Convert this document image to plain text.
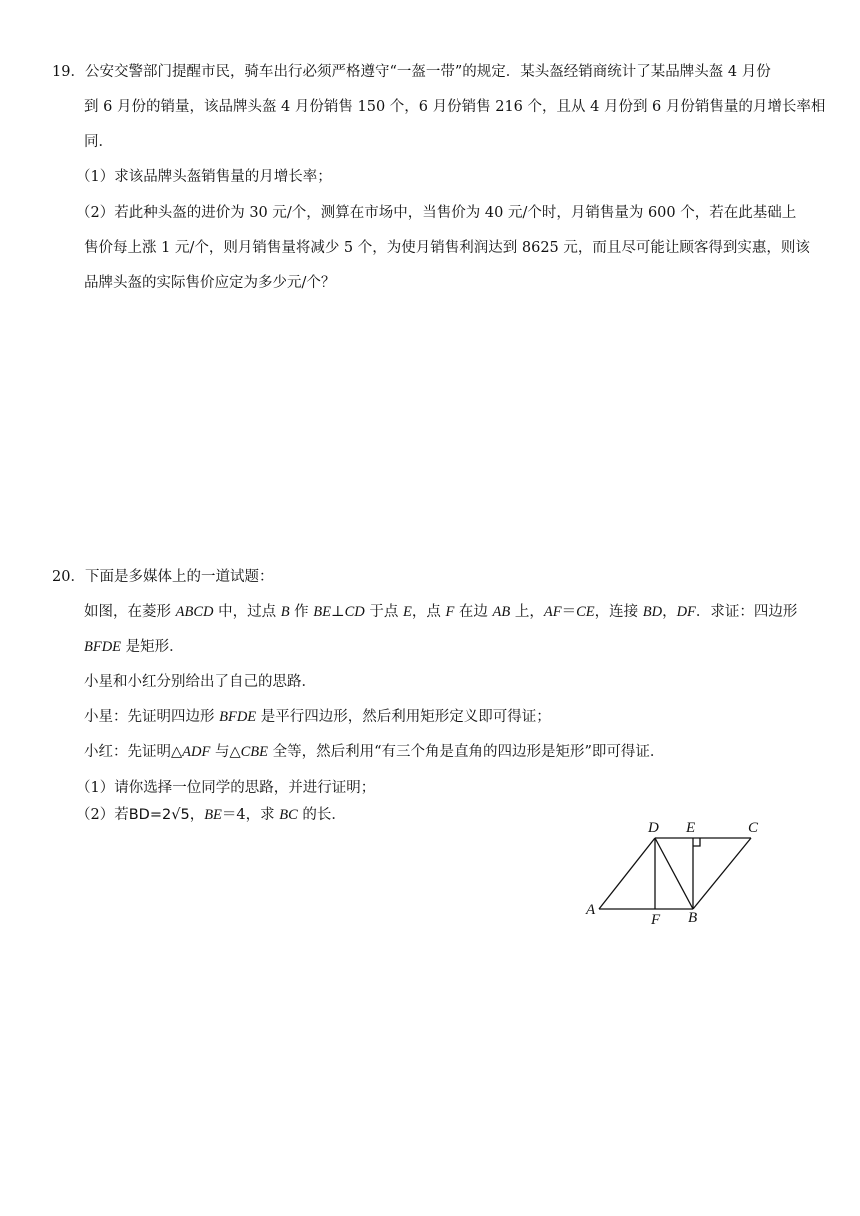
19．公安交警部门提醒市民，骑车出行必须严格遵守“一盔一带”的规定．某头盔经销商统计了某品牌头盔 4 月份
到 6 月份的销量，该品牌头盔 4 月份销售 150 个，6 月份销售 216 个，且从 4 月份到 6 月份销售量的月增长率相
同．
（1）求该品牌头盔销售量的月增长率；
（2）若此种头盔的进价为 30 元/个，测算在市场中，当售价为 40 元/个时，月销售量为 600 个，若在此基础上
售价每上涨 1 元/个，则月销售量将减少 5 个，为使月销售利润达到 8625 元，而且尽可能让顾客得到实惠，则该
品牌头盔的实际售价应定为多少元/个？
20．下面是多媒体上的一道试题：
如图，在菱形 ABCD 中，过点 B 作 BE⊥CD 于点 E，点 F 在边 AB 上，AF＝CE，连接 BD，DF．求证：四边形
BFDE 是矩形．
小星和小红分别给出了自己的思路．
小星：先证明四边形 BFDE 是平行四边形，然后利用矩形定义即可得证；
小红：先证明△ADF 与△CBE 全等，然后利用“有三个角是直角的四边形是矩形”即可得证．
（1）请你选择一位同学的思路，并进行证明；
（2）若BD=2√5，BE＝4，求 BC 的长．
D E	C
A
F B
